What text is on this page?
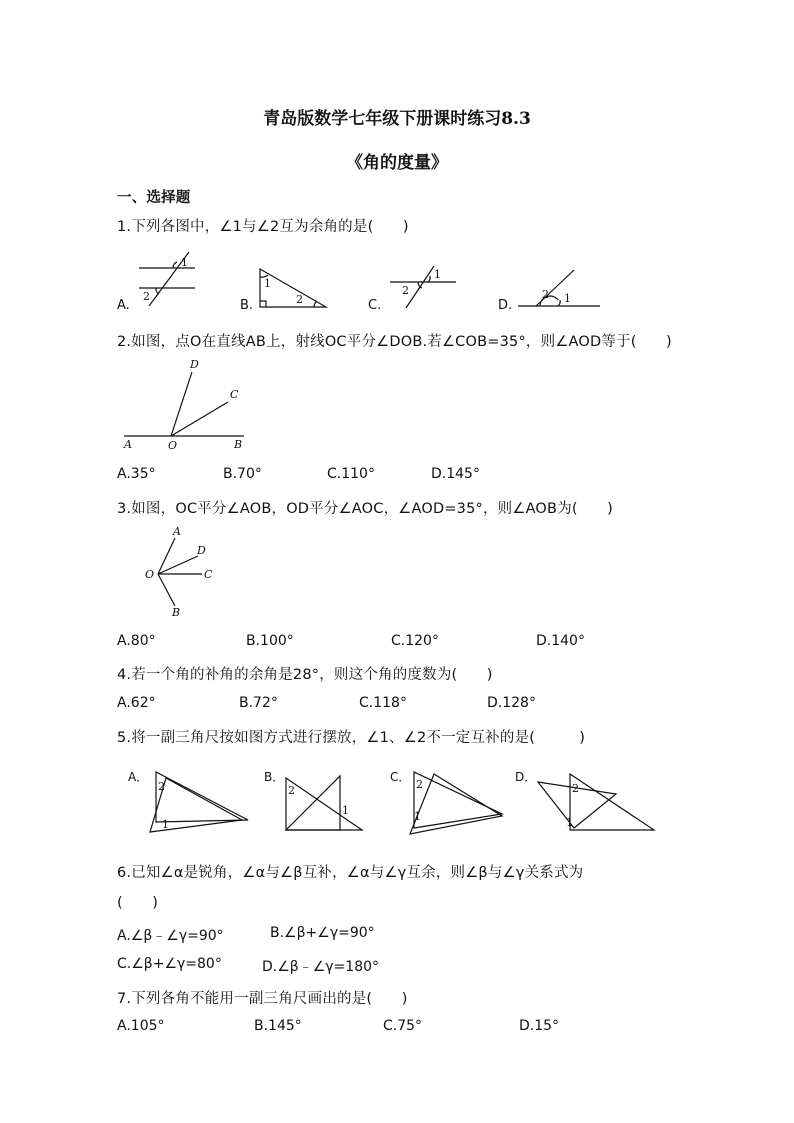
青岛版数学七年级下册课时练习8.3
《角的度量》
一、选择题
1.下列各图中，∠1与∠2互为余角的是(　　)
A.
1
2
B.
1
2	C.
1
2
D.
2 1
2.如图，点O在直线AB上，射线OC平分∠DOB.若∠COB=35°，则∠AOD等于(　　)
D
C
A	O	B
A.35°	B.70°	C.110°	D.145°
3.如图，OC平分∠AOB，OD平分∠AOC，∠AOD=35°，则∠AOB为(　　)
A
D
O	C
B
A.80°	B.100°	C.120°	D.140°
4.若一个角的补角的余角是28°，则这个角的度数为(　　)
A.62°	B.72°	C.118°	D.128°
5.将一副三角尺按如图方式进行摆放，∠1、∠2不一定互补的是(　　　)
A．
2
1
B．
2
1
C．
2
1
D．
2
1
6.已知∠α是锐角，∠α与∠β互补，∠α与∠γ互余，则∠β与∠γ关系式为
(　　)
A.∠β﹣∠γ=90°	B.∠β+∠γ=90°
C.∠β+∠γ=80°	D.∠β﹣∠γ=180°
7.下列各角不能用一副三角尺画出的是(　　)
A.105°	B.145°	C.75°	D.15°
